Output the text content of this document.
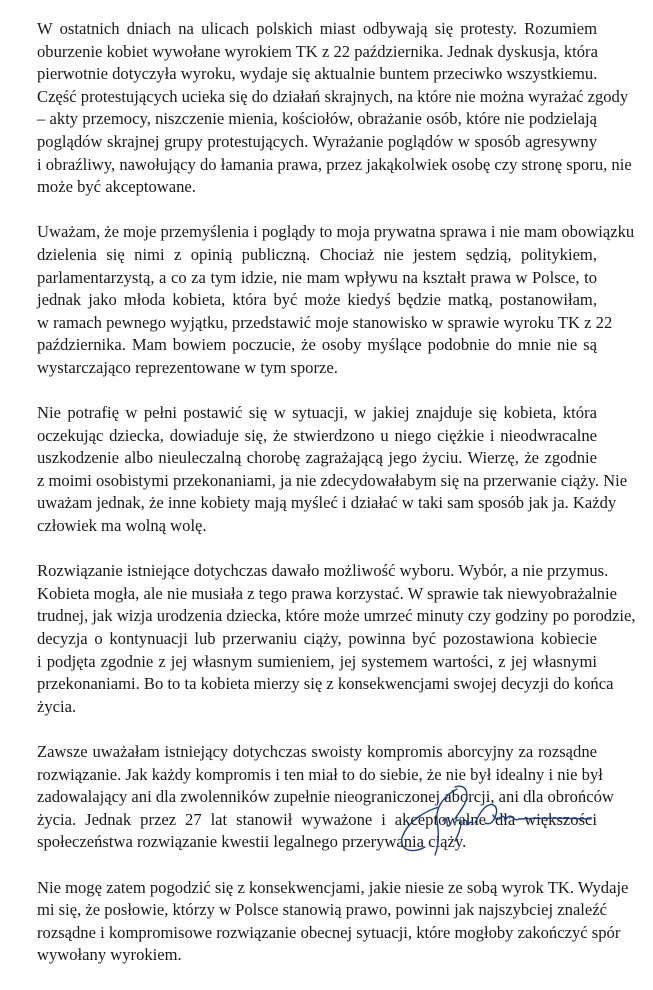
W ostatnich dniach na ulicach polskich miast odbywają się protesty. Rozumiem
oburzenie kobiet wywołane wyrokiem TK z 22 października. Jednak dyskusja, która
pierwotnie dotyczyła wyroku, wydaje się aktualnie buntem przeciwko wszystkiemu.
Część protestujących ucieka się do działań skrajnych, na które nie można wyrażać zgody
– akty przemocy, niszczenie mienia, kościołów, obrażanie osób, które nie podzielają
poglądów skrajnej grupy protestujących. Wyrażanie poglądów w sposób agresywny
i obraźliwy, nawołujący do łamania prawa, przez jakąkolwiek osobę czy stronę sporu, nie
może być akceptowane.
Uważam, że moje przemyślenia i poglądy to moja prywatna sprawa i nie mam obowiązku
dzielenia się nimi z opinią publiczną. Chociaż nie jestem sędzią, politykiem,
parlamentarzystą, a co za tym idzie, nie mam wpływu na kształt prawa w Polsce, to
jednak jako młoda kobieta, która być może kiedyś będzie matką, postanowiłam,
w ramach pewnego wyjątku, przedstawić moje stanowisko w sprawie wyroku TK z 22
października. Mam bowiem poczucie, że osoby myślące podobnie do mnie nie są
wystarczająco reprezentowane w tym sporze.
Nie potrafię w pełni postawić się w sytuacji, w jakiej znajduje się kobieta, która
oczekując dziecka, dowiaduje się, że stwierdzono u niego ciężkie i nieodwracalne
uszkodzenie albo nieuleczalną chorobę zagrażającą jego życiu. Wierzę, że zgodnie
z moimi osobistymi przekonaniami, ja nie zdecydowałabym się na przerwanie ciąży. Nie
uważam jednak, że inne kobiety mają myśleć i działać w taki sam sposób jak ja. Każdy
człowiek ma wolną wolę.
Rozwiązanie istniejące dotychczas dawało możliwość wyboru. Wybór, a nie przymus.
Kobieta mogła, ale nie musiała z tego prawa korzystać. W sprawie tak niewyobrażalnie
trudnej, jak wizja urodzenia dziecka, które może umrzeć minuty czy godziny po porodzie,
decyzja o kontynuacji lub przerwaniu ciąży, powinna być pozostawiona kobiecie
i podjęta zgodnie z jej własnym sumieniem, jej systemem wartości, z jej własnymi
przekonaniami. Bo to ta kobieta mierzy się z konsekwencjami swojej decyzji do końca
życia.
Zawsze uważałam istniejący dotychczas swoisty kompromis aborcyjny za rozsądne
rozwiązanie. Jak każdy kompromis i ten miał to do siebie, że nie był idealny i nie był
zadowalający ani dla zwolenników zupełnie nieograniczonej aborcji, ani dla obrońców
życia. Jednak przez 27 lat stanowił wyważone i akceptowalne dla większości
społeczeństwa rozwiązanie kwestii legalnego przerywania ciąży.
Nie mogę zatem pogodzić się z konsekwencjami, jakie niesie ze sobą wyrok TK. Wydaje
mi się, że posłowie, którzy w Polsce stanowią prawo, powinni jak najszybciej znaleźć
rozsądne i kompromisowe rozwiązanie obecnej sytuacji, które mogłoby zakończyć spór
wywołany wyrokiem.
